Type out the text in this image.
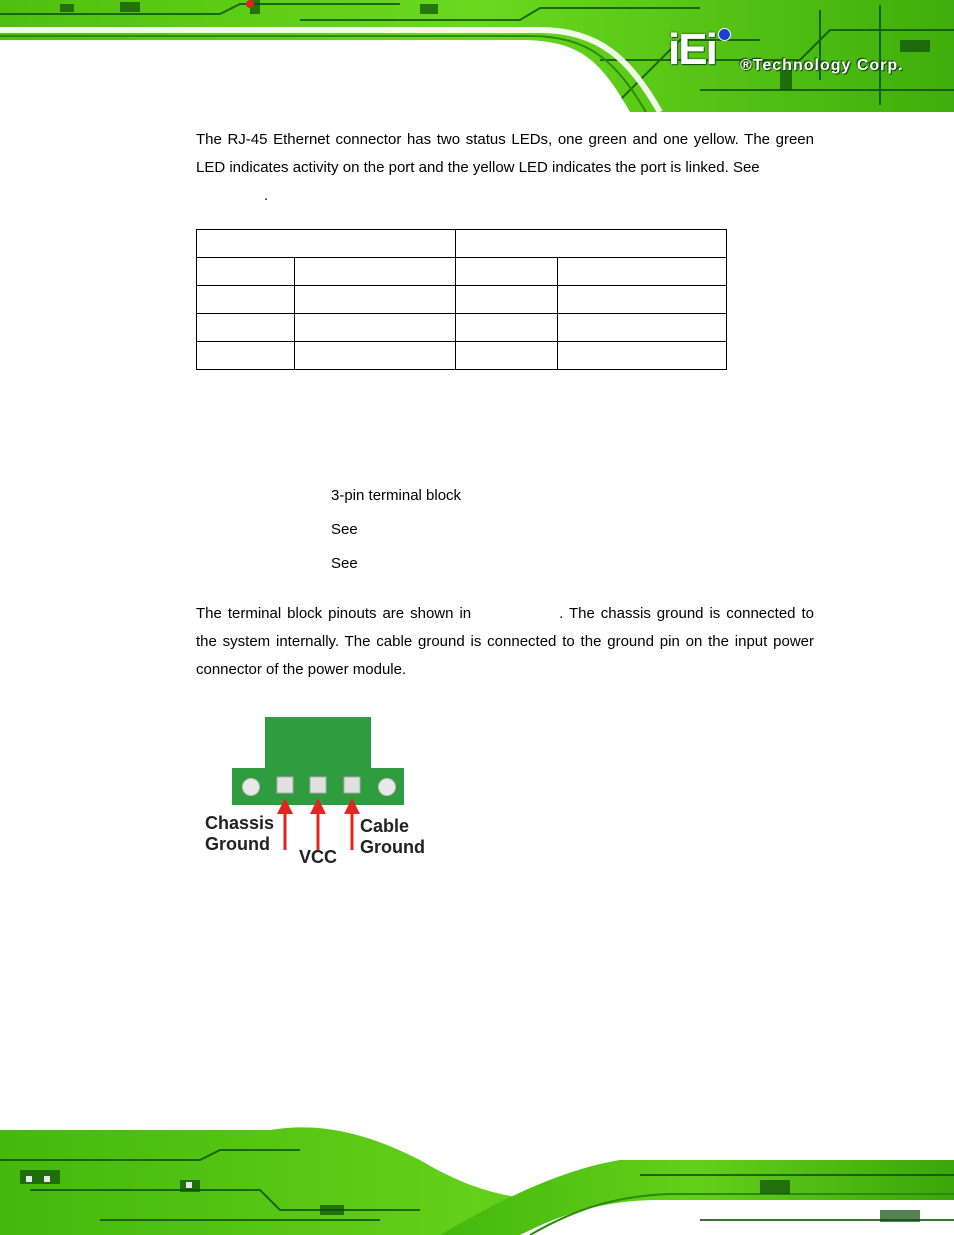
iEi ®Technology Corp.
The RJ-45 Ethernet connector has two status LEDs, one green and one yellow. The green LED indicates activity on the port and the yellow LED indicates the port is linked. See
.

3-pin terminal block
See
See
The terminal block pinouts are shown in	. The chassis ground is connected to the system internally. The cable ground is connected to the ground pin on the input power connector of the power module.
Chassis
Ground
VCC
Cable
Ground
